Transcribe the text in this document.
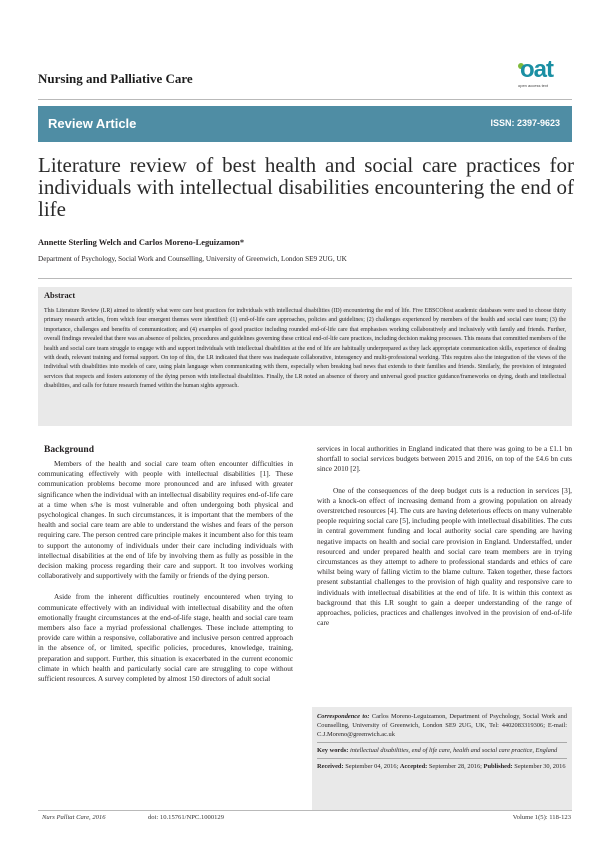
Nursing and Palliative Care	oat
open access text
Review Article	ISSN: 2397-9623
Literature review of best health and social care practices for individuals with intellectual disabilities encountering the end of life
Annette Sterling Welch and Carlos Moreno-Leguizamon*
Department of Psychology, Social Work and Counselling, University of Greenwich, London SE9 2UG, UK
Abstract

This Literature Review (LR) aimed to identify what were care best practices for individuals with intellectual disabilities (ID) encountering the end of life. Five EBSCOhost academic databases were used to choose thirty primary research articles, from which four emergent themes were identified: (1) end-of-life care approaches, policies and guidelines; (2) challenges experienced by members of the health and social care team; (3) the importance, challenges and benefits of communication; and (4) examples of good practice including rounded end-of-life care that emphasises working collaboratively and inclusively with family and friends. Further, overall findings revealed that there was an absence of policies, procedures and guidelines governing these critical end-of-life care practices, including decision making processes. This means that committed members of the health and social care team struggle to engage with and support individuals with intellectual disabilities at the end of life are habitually underprepared as they lack appropriate communication skills, experience of dealing with death, relevant training and formal support. On top of this, the LR indicated that there was inadequate collaborative, interagency and multi-professional working. This requires also the integration of the views of the individual with disabilities into models of care, using plain language when communicating with them, especially when breaking bad news that extends to their families and friends. Similarly, the provision of integrated services that respects and fosters autonomy of the dying person with intellectual disabilities. Finally, the LR noted an absence of theory and universal good practice guidance/frameworks on dying, death and intellectual disabilities, and calls for future research framed within the human sights approach.

Background

Members of the health and social care team often encounter difficulties in communicating effectively with people with intellectual disabilities [1]. These communication problems become more pronounced and are infused with greater significance when the individual with an intellectual disability requires end-of-life care at a time when s/he is most vulnerable and often undergoing both physical and psychological changes. In such circumstances, it is important that the members of the health and social care team are able to understand the wishes and fears of the person requiring care. The person centred care principle makes it incumbent also for this team to support the autonomy of individuals under their care including individuals with intellectual disabilities at the end of life by involving them as fully as possible in the decision making process regarding their care and support. It too involves working collaboratively and supportively with the family or friends of the dying person.

Aside from the inherent difficulties routinely encountered when trying to communicate effectively with an individual with intellectual disability and the often emotionally fraught circumstances at the end-of-life stage, health and social care team members also face a myriad professional challenges. These include attempting to provide care within a responsive, collaborative and inclusive person centred approach in the absence of, or limited, specific policies, procedures, knowledge, training, preparation and support. Further, this situation is exacerbated in the current economic climate in which health and particularly social care are struggling to cope without sufficient resources. A survey completed by almost 150 directors of adult social

services in local authorities in England indicated that there was going to be a £1.1 bn shortfall to social services budgets between 2015 and 2016, on top of the £4.6 bn cuts since 2010 [2].

One of the consequences of the deep budget cuts is a reduction in services [3], with a knock-on effect of increasing demand from a growing population on already overstretched resources [4]. The cuts are having deleterious effects on many vulnerable people requiring social care [5], including people with intellectual disabilities. The cuts in central government funding and local authority social care spending are having negative impacts on health and social care provision in England. Understaffed, under resourced and under prepared health and social care team members are in trying circumstances as they attempt to adhere to professional standards and ethics of care whilst being wary of falling victim to the blame culture. Taken together, these factors present substantial challenges to the provision of high quality and responsive care to individuals with intellectual disabilities at the end of life. It is within this context as background that this LR sought to gain a deeper understanding of the range of approaches, policies, practices and challenges involved in the provision of end-of-life care

Correspondence to: Carlos Moreno-Leguizamon, Department of Psychology, Social Work and Counselling, University of Greenwich, London SE9 2UG, UK, Tel: 4402083319306; E-mail: C.J.Moreno@greenwich.ac.uk
Key words: intellectual disabilities, end of life care, health and social care practice, England
Received: September 04, 2016; Accepted: September 28, 2016; Published: September 30, 2016
Nurs Palliat Care, 2016	doi: 10.15761/NPC.1000129	Volume 1(5): 118-123
